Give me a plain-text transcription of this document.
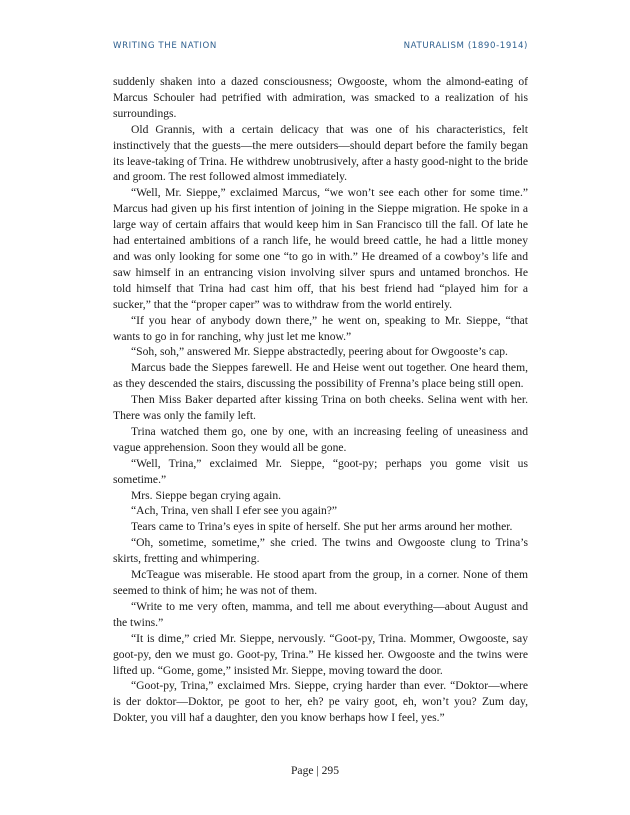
WRITING THE NATION	NATURALISM (1890-1914)

suddenly shaken into a dazed consciousness; Owgooste, whom the almond-eating of Marcus Schouler had petrified with admiration, was smacked to a realization of his surroundings.

Old Grannis, with a certain delicacy that was one of his characteristics, felt instinctively that the guests—the mere outsiders—should depart before the family began its leave-taking of Trina. He withdrew unobtrusively, after a hasty good-night to the bride and groom. The rest followed almost immediately.

“Well, Mr. Sieppe,” exclaimed Marcus, “we won’t see each other for some time.” Marcus had given up his first intention of joining in the Sieppe migration. He spoke in a large way of certain affairs that would keep him in San Francisco till the fall. Of late he had entertained ambitions of a ranch life, he would breed cattle, he had a little money and was only looking for some one “to go in with.” He dreamed of a cowboy’s life and saw himself in an entrancing vision involving silver spurs and untamed bronchos. He told himself that Trina had cast him off, that his best friend had “played him for a sucker,” that the “proper caper” was to withdraw from the world entirely.

“If you hear of anybody down there,” he went on, speaking to Mr. Sieppe, “that wants to go in for ranching, why just let me know.”

“Soh, soh,” answered Mr. Sieppe abstractedly, peering about for Owgooste’s cap.

Marcus bade the Sieppes farewell. He and Heise went out together. One heard them, as they descended the stairs, discussing the possibility of Frenna’s place being still open.

Then Miss Baker departed after kissing Trina on both cheeks. Selina went with her. There was only the family left.

Trina watched them go, one by one, with an increasing feeling of uneasiness and vague apprehension. Soon they would all be gone.

“Well, Trina,” exclaimed Mr. Sieppe, “goot-py; perhaps you gome visit us sometime.”

Mrs. Sieppe began crying again.

“Ach, Trina, ven shall I efer see you again?”

Tears came to Trina’s eyes in spite of herself. She put her arms around her mother.

“Oh, sometime, sometime,” she cried. The twins and Owgooste clung to Trina’s skirts, fretting and whimpering.

McTeague was miserable. He stood apart from the group, in a corner. None of them seemed to think of him; he was not of them.

“Write to me very often, mamma, and tell me about everything—about August and the twins.”

“It is dime,” cried Mr. Sieppe, nervously. “Goot-py, Trina. Mommer, Owgooste, say goot-py, den we must go. Goot-py, Trina.” He kissed her. Owgooste and the twins were lifted up. “Gome, gome,” insisted Mr. Sieppe, moving toward the door.

“Goot-py, Trina,” exclaimed Mrs. Sieppe, crying harder than ever. “Doktor—where is der doktor—Doktor, pe goot to her, eh? pe vairy goot, eh, won’t you? Zum day, Dokter, you vill haf a daughter, den you know berhaps how I feel, yes.”

Page | 295
